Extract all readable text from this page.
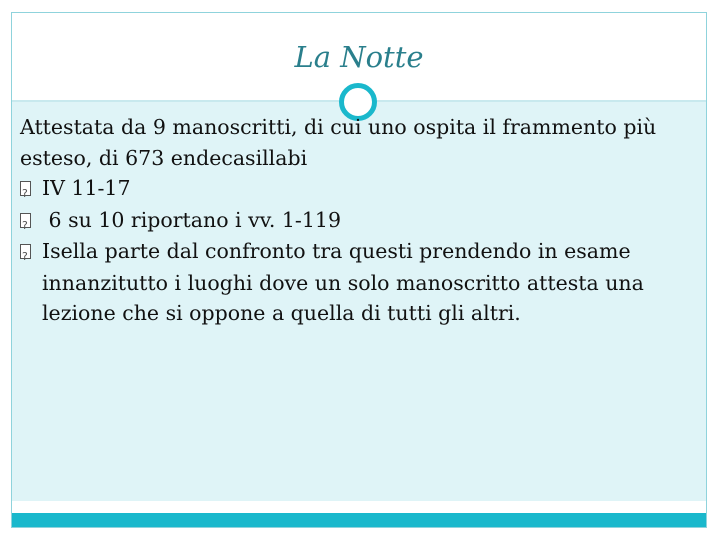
La Notte

Attestata da 9 manoscritti, di cui uno ospita il frammento più esteso, di 673 endecasillabi

?IV 11-17

? 6 su 10 riportano i vv. 1-119

?Isella parte dal confronto tra questi prendendo in esame innanzitutto i luoghi dove un solo manoscritto attesta una lezione che si oppone a quella di tutti gli altri.
